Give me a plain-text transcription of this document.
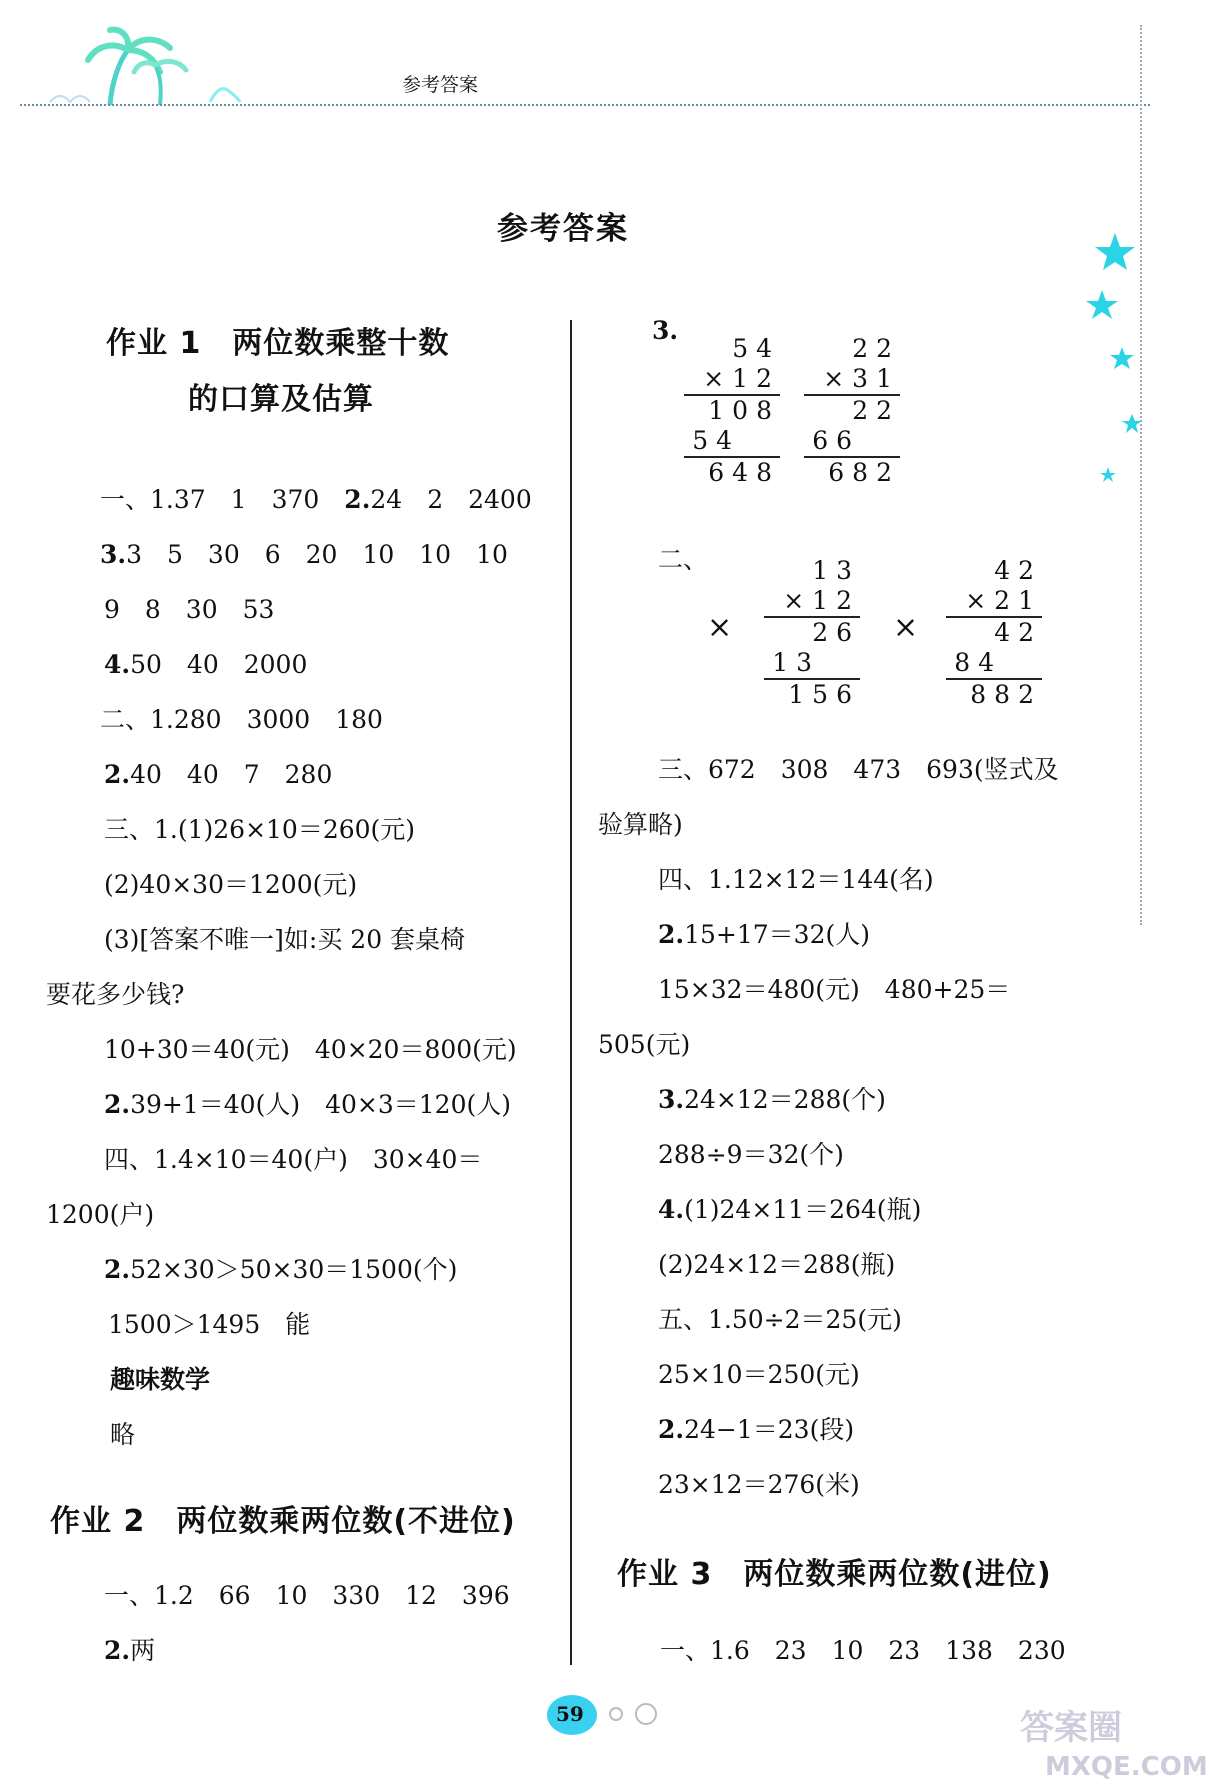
参考答案
参考答案
作业 1　两位数乘整十数
的口算及估算
一、1.37　1　370　2.24　2　2400
3.3　5　30　6　20　10　10　10
9　8　30　53
4.50　40　2000
二、1.280　3000　180
2.40　40　7　280
三、1.(1)26×10＝260(元)
(2)40×30＝1200(元)
(3)[答案不唯一]如:买 20 套桌椅
要花多少钱?
10+30＝40(元)　40×20＝800(元)
2.39+1＝40(人)　40×3＝120(人)
四、1.4×10＝40(户)　30×40＝
1200(户)
2.52×30＞50×30＝1500(个)
1500＞1495　能
趣味数学
略
作业 2　两位数乘两位数(不进位)
一、1.2　66　10　330　12　396
2.两
3.
54
×12
108
54
648
22
×31
22
66
682
二、
×
13
×12
26
13
156
×
42
×21
42
84
882
三、672　308　473　693(竖式及
验算略)
四、1.12×12＝144(名)
2.15+17＝32(人)
15×32＝480(元)　480+25＝
505(元)
3.24×12＝288(个)
288÷9＝32(个)
4.(1)24×11＝264(瓶)
(2)24×12＝288(瓶)
五、1.50÷2＝25(元)
25×10＝250(元)
2.24−1＝23(段)
23×12＝276(米)
作业 3　两位数乘两位数(进位)
一、1.6　23　10　23　138　230
59	答案圈
MXQE.COM
